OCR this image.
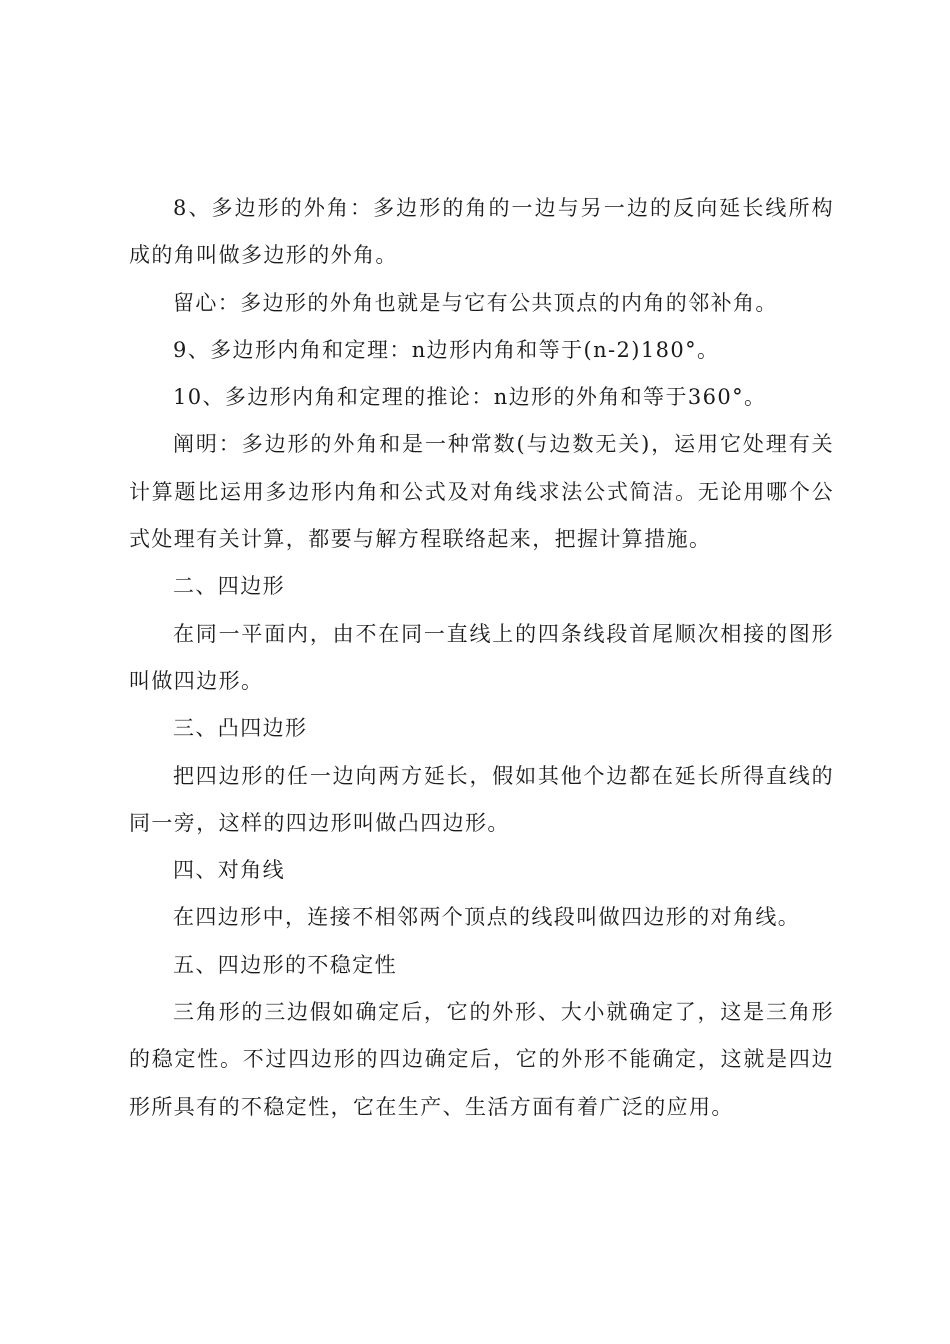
8、多边形的外角：多边形的角的一边与另一边的反向延长线所构成的角叫做多边形的外角。

留心：多边形的外角也就是与它有公共顶点的内角的邻补角。

9、多边形内角和定理：n边形内角和等于(n-2)180°。

10、多边形内角和定理的推论：n边形的外角和等于360°。

阐明：多边形的外角和是一种常数(与边数无关)，运用它处理有关计算题比运用多边形内角和公式及对角线求法公式简洁。无论用哪个公式处理有关计算，都要与解方程联络起来，把握计算措施。

二、四边形

在同一平面内，由不在同一直线上的四条线段首尾顺次相接的图形叫做四边形。

三、凸四边形

把四边形的任一边向两方延长，假如其他个边都在延长所得直线的同一旁，这样的四边形叫做凸四边形。

四、对角线

在四边形中，连接不相邻两个顶点的线段叫做四边形的对角线。

五、四边形的不稳定性

三角形的三边假如确定后，它的外形、大小就确定了，这是三角形的稳定性。不过四边形的四边确定后，它的外形不能确定，这就是四边形所具有的不稳定性，它在生产、生活方面有着广泛的应用。
